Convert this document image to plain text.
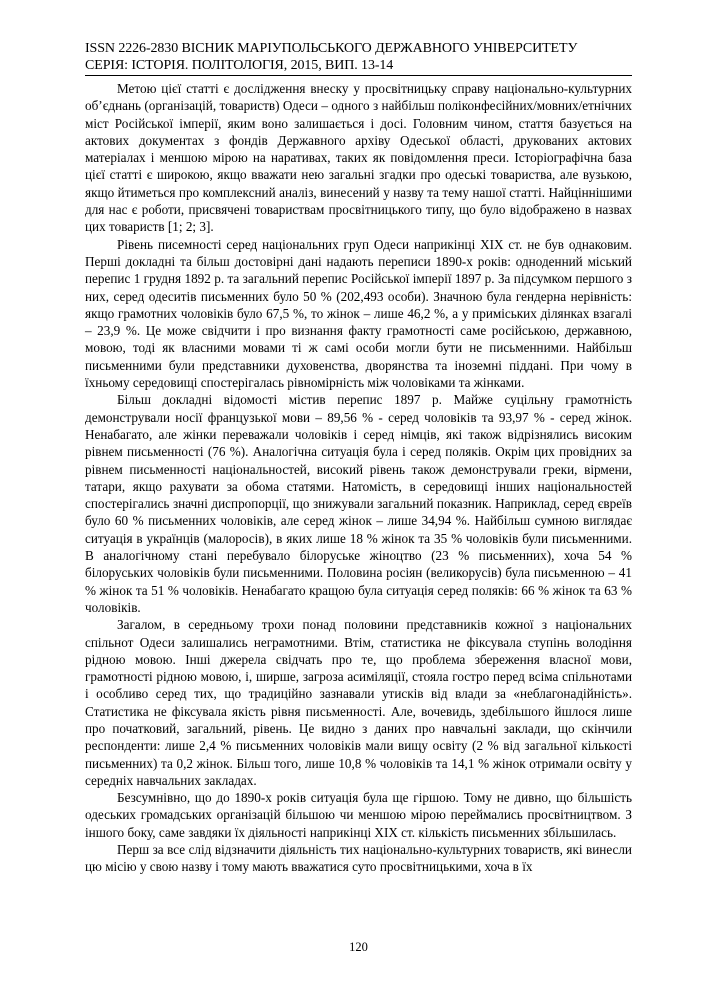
ISSN 2226-2830 ВІСНИК МАРІУПОЛЬСЬКОГО ДЕРЖАВНОГО УНІВЕРСИТЕТУ
СЕРІЯ: ІСТОРІЯ. ПОЛІТОЛОГІЯ, 2015, ВИП. 13-14

Метою цієї статті є дослідження внеску у просвітницьку справу національно-культурних об’єднань (організацій, товариств) Одеси – одного з найбільш поліконфесійних/мовних/етнічних міст Російської імперії, яким воно залишається і досі. Головним чином, стаття базується на актових документах з фондів Державного архіву Одеської області, друкованих актових матеріалах і меншою мірою на наративах, таких як повідомлення преси. Історіографічна база цієї статті є широкою, якщо вважати нею загальні згадки про одеські товариства, але вузькою, якщо йтиметься про комплексний аналіз, винесений у назву та тему нашої статті. Найціннішими для нас є роботи, присвячені товариствам просвітницького типу, що було відображено в назвах цих товариств [1; 2; 3].

Рівень писемності серед національних груп Одеси наприкінці XIX ст. не був однаковим. Перші докладні та більш достовірні дані надають переписи 1890-х років: одноденний міський перепис 1 грудня 1892 р. та загальний перепис Російської імперії 1897 р. За підсумком першого з них, серед одеситів письменних було 50 % (202,493 особи). Значною була гендерна нерівність: якщо грамотних чоловіків було 67,5 %, то жінок – лише 46,2 %, а у приміських ділянках взагалі – 23,9 %. Це може свідчити і про визнання факту грамотності саме російською, державною, мовою, тоді як власними мовами ті ж самі особи могли бути не письменними. Найбільш письменними були представники духовенства, дворянства та іноземні піддані. При чому в їхньому середовищі спостерігалась рівномірність між чоловіками та жінками.

Більш докладні відомості містив перепис 1897 р. Майже суцільну грамотність демонстрували носії французької мови – 89,56 % - серед чоловіків та 93,97 % - серед жінок. Ненабагато, але жінки переважали чоловіків і серед німців, які також відрізнялись високим рівнем письменності (76 %). Аналогічна ситуація була і серед поляків. Окрім цих провідних за рівнем письменності національностей, високий рівень також демонстрували греки, вірмени, татари, якщо рахувати за обома статями. Натомість, в середовищі інших національностей спостерігались значні диспропорції, що знижували загальний показник. Наприклад, серед євреїв було 60 % письменних чоловіків, але серед жінок – лише 34,94 %. Найбільш сумною виглядає ситуація в українців (малоросів), в яких лише 18 % жінок та 35 % чоловіків були письменними. В аналогічному стані перебувало білоруське жіноцтво (23 % письменних), хоча 54 % білоруських чоловіків були письменними. Половина росіян (великорусів) була письменною – 41 % жінок та 51 % чоловіків. Ненабагато кращою була ситуація серед поляків: 66 % жінок та 63 % чоловіків.

Загалом, в середньому трохи понад половини представників кожної з національних спільнот Одеси залишались неграмотними. Втім, статистика не фіксувала ступінь володіння рідною мовою. Інші джерела свідчать про те, що проблема збереження власної мови, грамотності рідною мовою, і, ширше, загроза асиміляції, стояла гостро перед всіма спільнотами і особливо серед тих, що традиційно зазнавали утисків від влади за «неблагонадійність». Статистика не фіксувала якість рівня письменності. Але, вочевидь, здебільшого йшлося лише про початковий, загальний, рівень. Це видно з даних про навчальні заклади, що скінчили респонденти: лише 2,4 % письменних чоловіків мали вищу освіту (2 % від загальної кількості письменних) та 0,2 жінок. Більш того, лише 10,8 % чоловіків та 14,1 % жінок отримали освіту у середніх навчальних закладах.

Безсумнівно, що до 1890-х років ситуація була ще гіршою. Тому не дивно, що більшість одеських громадських організацій більшою чи меншою мірою переймались просвітництвом. З іншого боку, саме завдяки їх діяльності наприкінці XIX ст. кількість письменних збільшилась.

Перш за все слід відзначити діяльність тих національно-культурних товариств, які винесли цю місію у свою назву і тому мають вважатися суто просвітницькими, хоча в їх

120
